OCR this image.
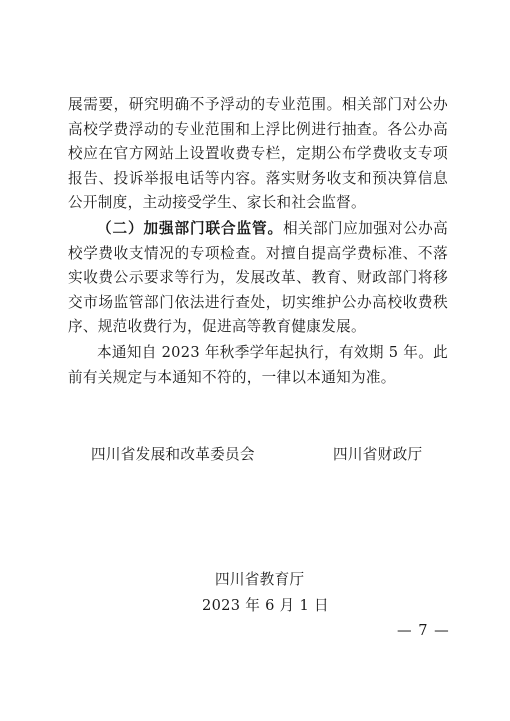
展需要，研究明确不予浮动的专业范围。相关部门对公办高校学费浮动的专业范围和上浮比例进行抽查。各公办高校应在官方网站上设置收费专栏，定期公布学费收支专项报告、投诉举报电话等内容。落实财务收支和预决算信息公开制度，主动接受学生、家长和社会监督。

（二）加强部门联合监管。相关部门应加强对公办高校学费收支情况的专项检查。对擅自提高学费标准、不落实收费公示要求等行为，发展改革、教育、财政部门将移交市场监管部门依法进行查处，切实维护公办高校收费秩序、规范收费行为，促进高等教育健康发展。

本通知自 2023 年秋季学年起执行，有效期 5 年。此前有关规定与本通知不符的，一律以本通知为准。

四川省发展和改革委员会	四川省财政厅
四川省教育厅
2023 年 6 月 1 日
— 7 —
